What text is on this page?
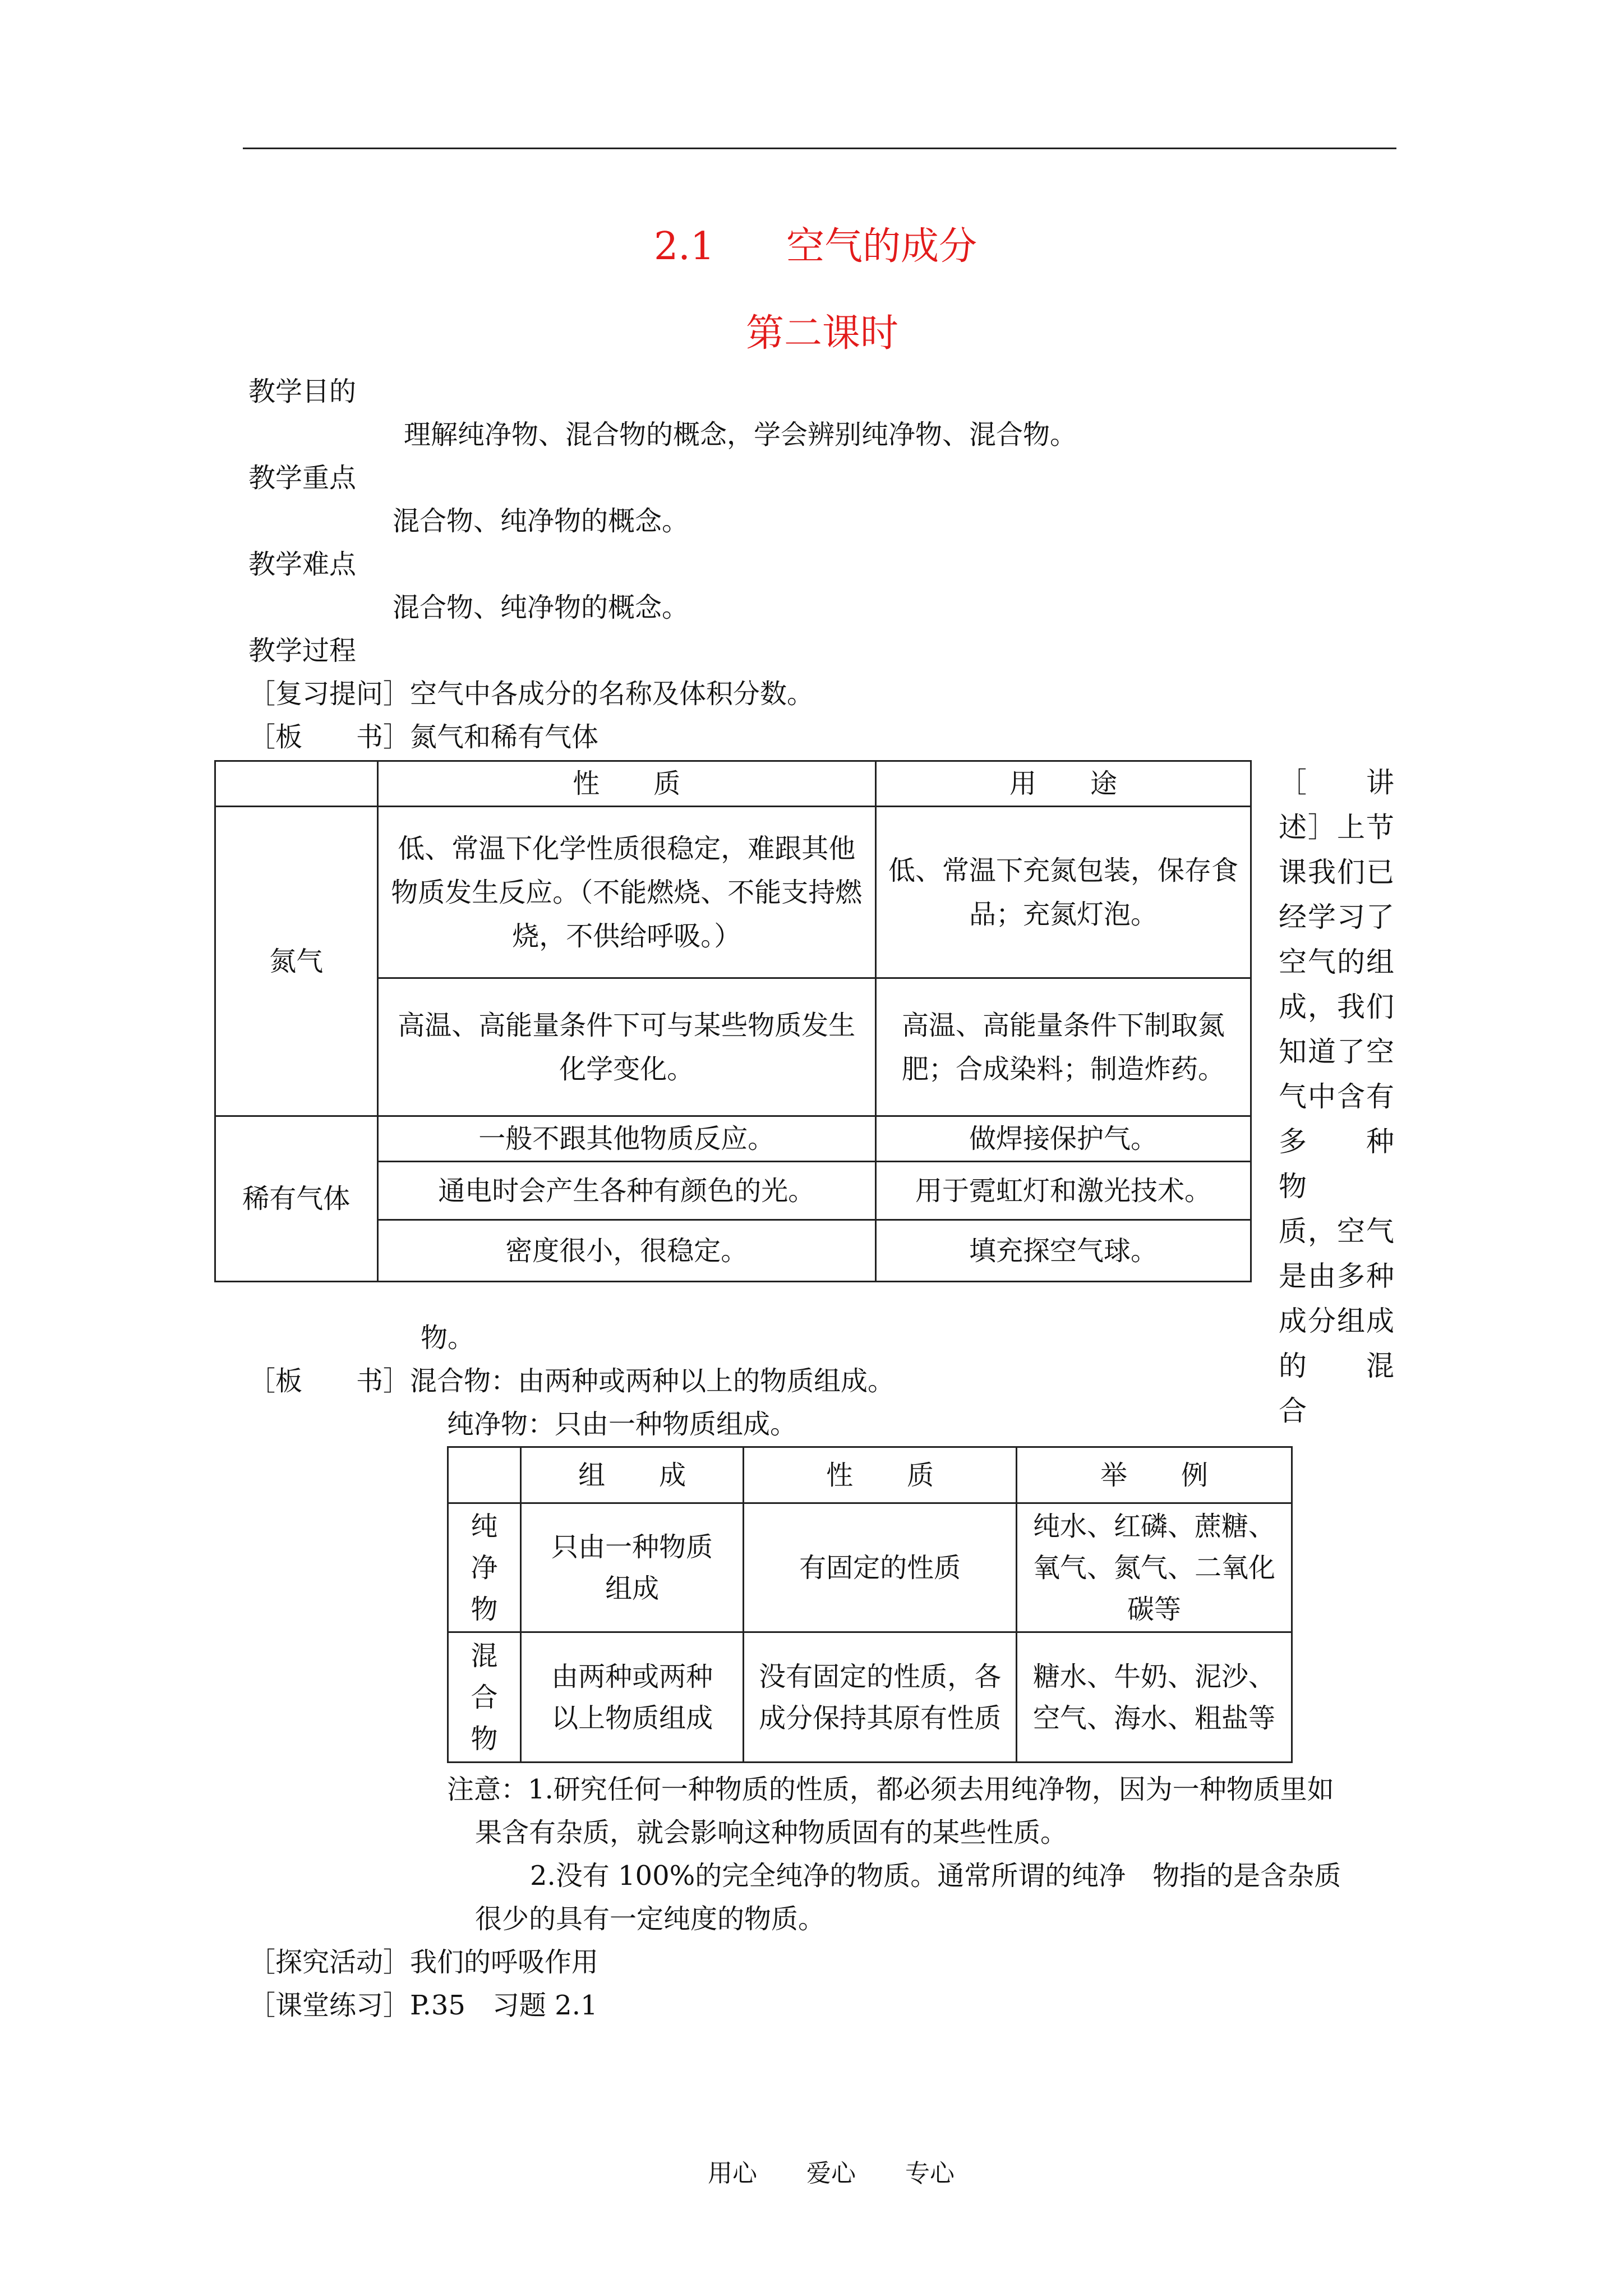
2.1 空气的成分
第二课时
教学目的
理解纯净物、混合物的概念，学会辨别纯净物、混合物。
教学重点
混合物、纯净物的概念。
教学难点
混合物、纯净物的概念。
教学过程
［复习提问］空气中各成分的名称及体积分数。
［板　　书］氮气和稀有气体
	性　　质	用　　途
氮气	低、常温下化学性质很稳定，难跟其他物质发生反应。（不能燃烧、不能支持燃烧，不供给呼吸。）	低、常温下充氮包装，保存食品；充氮灯泡。
	高温、高能量条件下可与某些物质发生化学变化。	高温、高能量条件下制取氮肥；合成染料；制造炸药。
稀有气体	一般不跟其他物质反应。	做焊接保护气。
	通电时会产生各种有颜色的光。	用于霓虹灯和激光技术。
	密度很小，很稳定。	填充探空气球。
［　　讲
述］上节
课我们已
经学习了
空气的组
成，我们
知道了空
气中含有
多　种　物
质，空气
是由多种
成分组成
的　混　合
物。
［板　　书］混合物：由两种或两种以上的物质组成。
纯净物：只由一种物质组成。
	组　　成	性　　质	举　　例
纯净物	只由一种物质组成	有固定的性质	纯水、红磷、蔗糖、氧气、氮气、二氧化碳等
混合物	由两种或两种以上物质组成	没有固定的性质，各成分保持其原有性质	糖水、牛奶、泥沙、空气、海水、粗盐等
注意：1.研究任何一种物质的性质，都必须去用纯净物，因为一种物质里如
果含有杂质，就会影响这种物质固有的某些性质。
2.没有 100%的完全纯净的物质。通常所谓的纯净　物指的是含杂质
很少的具有一定纯度的物质。
［探究活动］我们的呼吸作用
［课堂练习］P.35　习题 2.1
用心 爱心 专心
